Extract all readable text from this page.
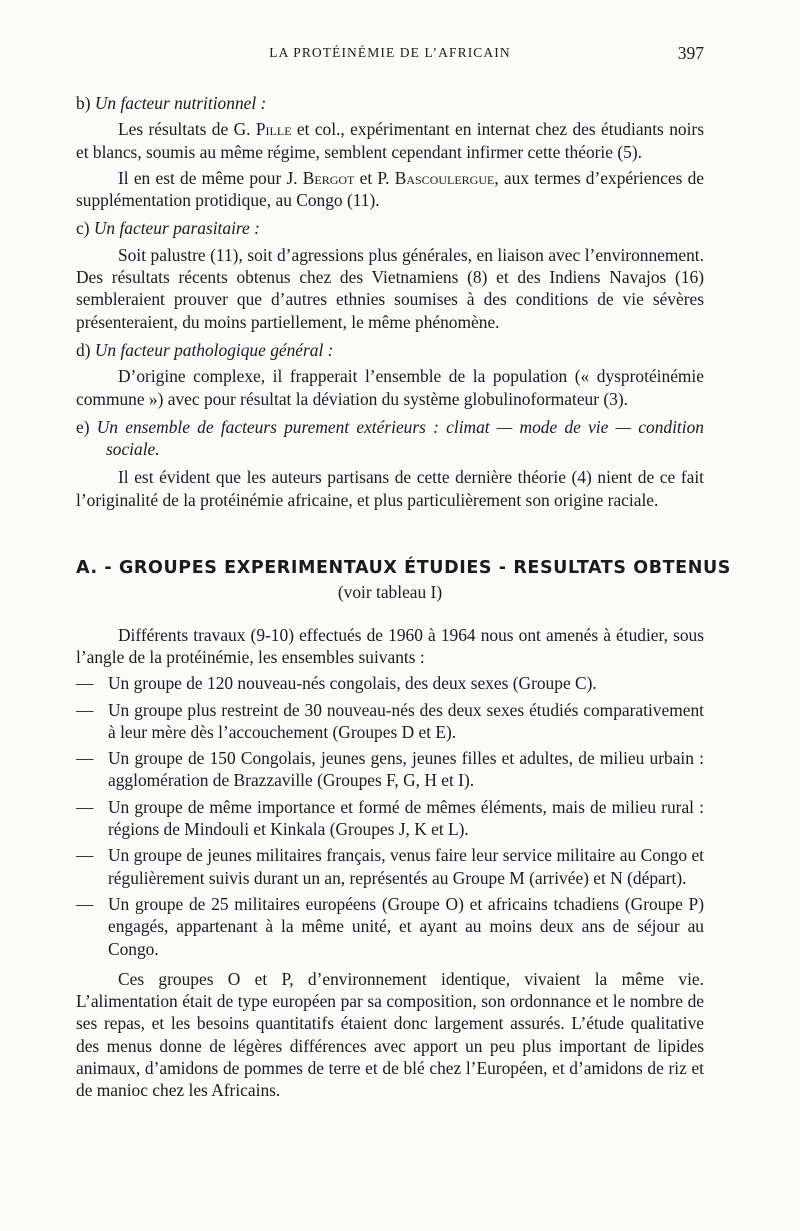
LA PROTÉINÉMIE DE L’AFRICAIN	397

b) Un facteur nutritionnel :

Les résultats de G. Pille et col., expérimentant en internat chez des étudiants noirs et blancs, soumis au même régime, semblent cependant infirmer cette théorie (5).

Il en est de même pour J. Bergot et P. Bascoulergue, aux termes d’expériences de supplémentation protidique, au Congo (11).

c) Un facteur parasitaire :

Soit palustre (11), soit d’agressions plus générales, en liaison avec l’environnement. Des résultats récents obtenus chez des Vietnamiens (8) et des Indiens Navajos (16) sembleraient prouver que d’autres ethnies soumises à des conditions de vie sévères présenteraient, du moins partiellement, le même phénomène.

d) Un facteur pathologique général :

D’origine complexe, il frapperait l’ensemble de la population (« dysprotéinémie commune ») avec pour résultat la déviation du système globulinoformateur (3).

e) Un ensemble de facteurs purement extérieurs : climat — mode de vie — condition sociale.

Il est évident que les auteurs partisans de cette dernière théorie (4) nient de ce fait l’originalité de la protéinémie africaine, et plus particulièrement son origine raciale.

A. - GROUPES EXPERIMENTAUX ÉTUDIES - RESULTATS OBTENUS

(voir tableau I)

Différents travaux (9-10) effectués de 1960 à 1964 nous ont amenés à étudier, sous l’angle de la protéinémie, les ensembles suivants :

— Un groupe de 120 nouveau-nés congolais, des deux sexes (Groupe C).
— Un groupe plus restreint de 30 nouveau-nés des deux sexes étudiés comparativement à leur mère dès l’accouchement (Groupes D et E).
— Un groupe de 150 Congolais, jeunes gens, jeunes filles et adultes, de milieu urbain : agglomération de Brazzaville (Groupes F, G, H et I).
— Un groupe de même importance et formé de mêmes éléments, mais de milieu rural : régions de Mindouli et Kinkala (Groupes J, K et L).
— Un groupe de jeunes militaires français, venus faire leur service militaire au Congo et régulièrement suivis durant un an, représentés au Groupe M (arrivée) et N (départ).
— Un groupe de 25 militaires européens (Groupe O) et africains tchadiens (Groupe P) engagés, appartenant à la même unité, et ayant au moins deux ans de séjour au Congo.

Ces groupes O et P, d’environnement identique, vivaient la même vie. L’alimentation était de type européen par sa composition, son ordonnance et le nombre de ses repas, et les besoins quantitatifs étaient donc largement assurés. L’étude qualitative des menus donne de légères différences avec apport un peu plus important de lipides animaux, d’amidons de pommes de terre et de blé chez l’Européen, et d’amidons de riz et de manioc chez les Africains.
